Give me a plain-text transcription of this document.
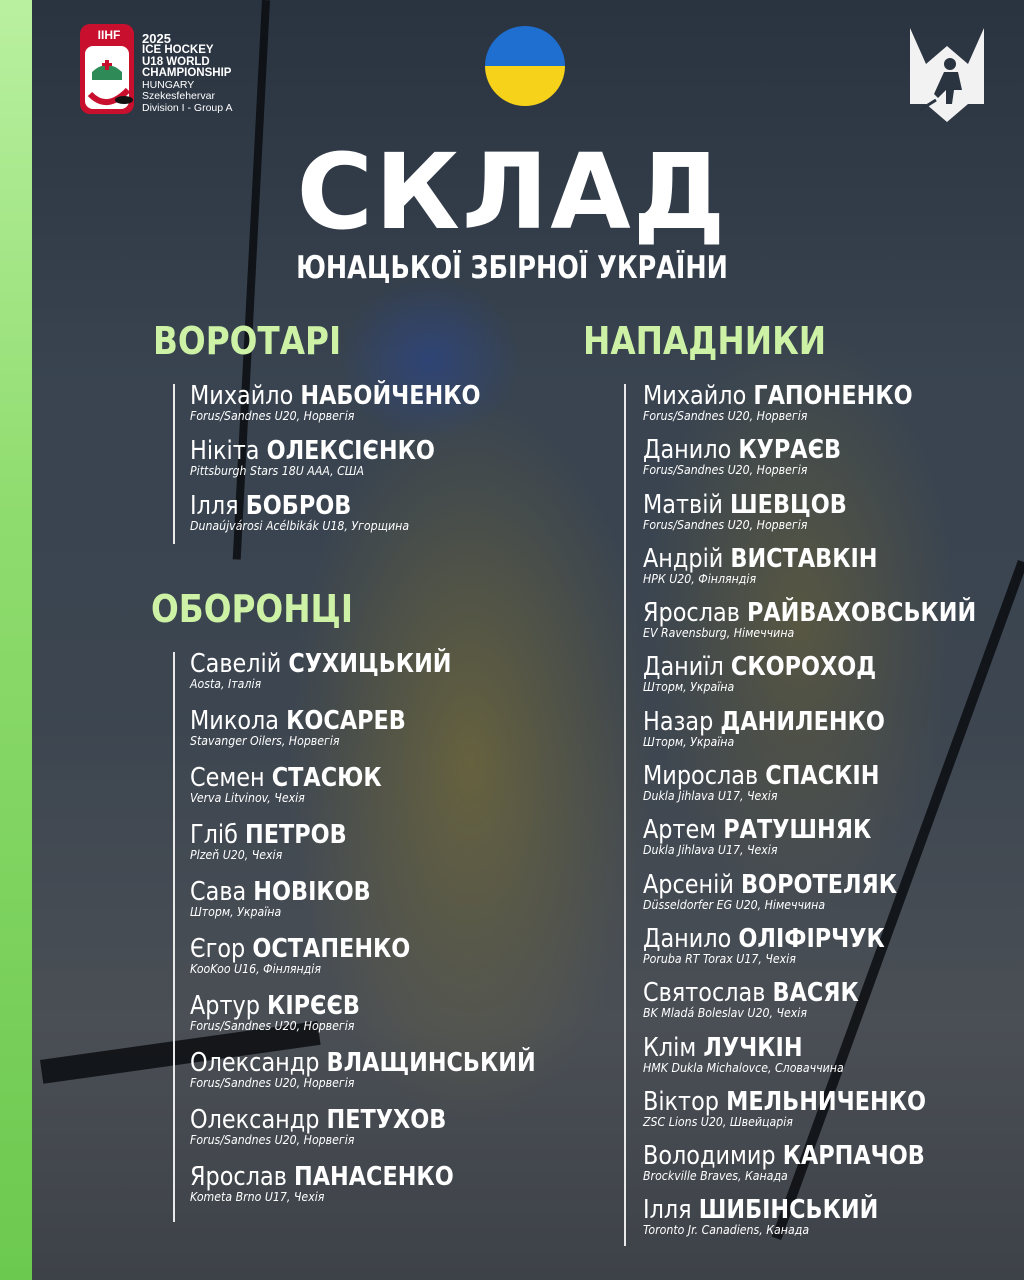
IIHF	2025
ICE HOCKEY
U18 WORLD
CHAMPIONSHIP
HUNGARY
Szekesfehervar
Division I - Group A
СКЛАД
ЮНАЦЬКОЇ ЗБІРНОЇ УКРАЇНИ
ВОРОТАРІ
Михайло НАБОЙЧЕНКО
Forus/Sandnes U20, Норвегія
Нікіта ОЛЕКСІЄНКО
Pittsburgh Stars 18U AAA, США
Ілля БОБРОВ
Dunaújvárosi Acélbikák U18, Угорщина
ОБОРОНЦІ
Савелій СУХИЦЬКИЙ
Aosta, Італія
Микола КОСАРЕВ
Stavanger Oilers, Норвегія
Семен СТАСЮК
Verva Litvinov, Чехія
Гліб ПЕТРОВ
Plzeň U20, Чехія
Сава НОВІКОВ
Шторм, Україна
Єгор ОСТАПЕНКО
KooKoo U16, Фінляндія
Артур КІРЄЄВ
Forus/Sandnes U20, Норвегія
Олександр ВЛАЩИНСЬКИЙ
Forus/Sandnes U20, Норвегія
Олександр ПЕТУХОВ
Forus/Sandnes U20, Норвегія
Ярослав ПАНАСЕНКО
Kometa Brno U17, Чехія
НАПАДНИКИ
Михайло ГАПОНЕНКО
Forus/Sandnes U20, Норвегія
Данило КУРАЄВ
Forus/Sandnes U20, Норвегія
Матвій ШЕВЦОВ
Forus/Sandnes U20, Норвегія
Андрій ВИСТАВКІН
НРК U20, Фінляндія
Ярослав РАЙВАХОВСЬКИЙ
EV Ravensburg, Німеччина
Даниїл СКОРОХОД
Шторм, Україна
Назар ДАНИЛЕНКО
Шторм, Україна
Мирослав СПАСКІН
Dukla Jihlava U17, Чехія
Артем РАТУШНЯК
Dukla Jihlava U17, Чехія
Арсеній ВОРОТЕЛЯК
Düsseldorfer EG U20, Німеччина
Данило ОЛІФІРЧУК
Poruba RT Torax U17, Чехія
Святослав ВАСЯК
BK Mladá Boleslav U20, Чехія
Клім ЛУЧКІН
HMK Dukla Michalovce, Словаччина
Віктор МЕЛЬНИЧЕНКО
ZSC Lions U20, Швейцарія
Володимир КАРПАЧОВ
Brockville Braves, Канада
Ілля ШИБІНСЬКИЙ
Toronto Jr. Canadiens, Канада
